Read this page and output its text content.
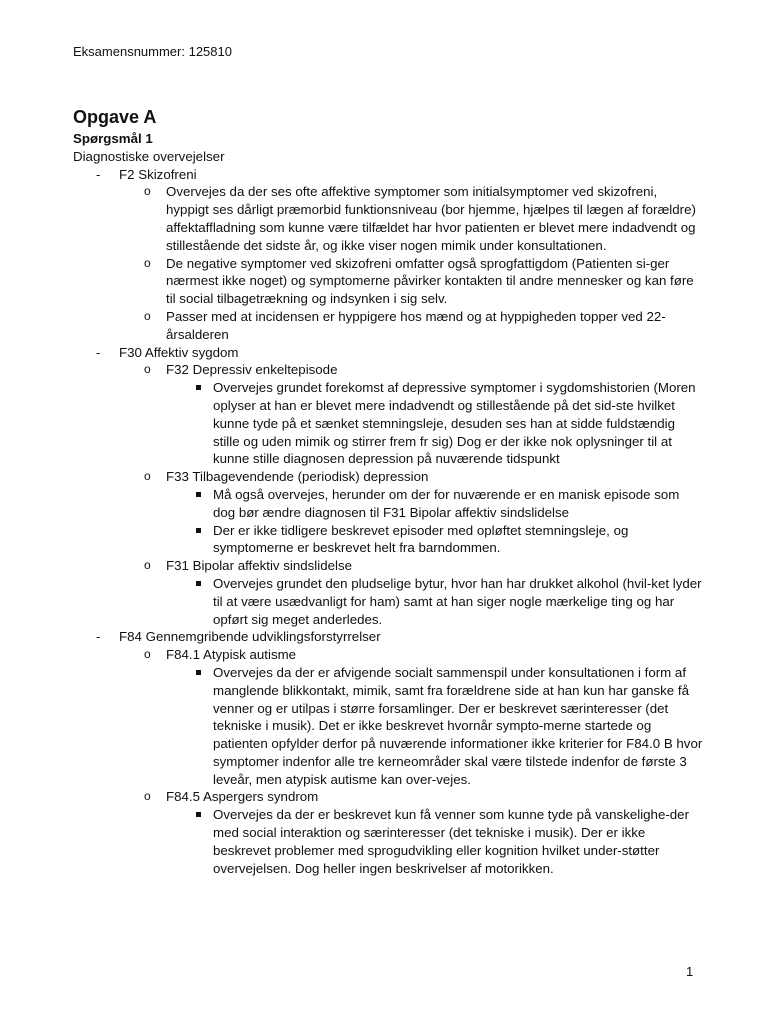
Eksamensnummer: 125810
Opgave A
Spørgsmål 1
Diagnostiske overvejelser
- F2 Skizofreni
o Overvejes da der ses ofte affektive symptomer som initialsymptomer ved skizofreni, hyppigt ses dårligt præmorbid funktionsniveau (bor hjemme, hjælpes til lægen af forældre) affektaffladning som kunne være tilfældet har hvor patienten er blevet mere indadvendt og stillestående det sidste år, og ikke viser nogen mimik under konsultationen.
o De negative symptomer ved skizofreni omfatter også sprogfattigdom (Patienten si-ger nærmest ikke noget) og symptomerne påvirker kontakten til andre mennesker og kan føre til social tilbagetrækning og indsynken i sig selv.
o Passer med at incidensen er hyppigere hos mænd og at hyppigheden topper ved 22-årsalderen
- F30 Affektiv sygdom
o F32 Depressiv enkeltepisode
Overvejes grundet forekomst af depressive symptomer i sygdomshistorien (Moren oplyser at han er blevet mere indadvendt og stillestående på det sid-ste hvilket kunne tyde på et sænket stemningsleje, desuden ses han at sidde fuldstændig stille og uden mimik og stirrer frem fr sig) Dog er der ikke nok oplysninger til at kunne stille diagnosen depression på nuværende tidspunkt
o F33 Tilbagevendende (periodisk) depression
Må også overvejes, herunder om der for nuværende er en manisk episode som dog bør ændre diagnosen til F31 Bipolar affektiv sindslidelse
Der er ikke tidligere beskrevet episoder med opløftet stemningsleje, og symptomerne er beskrevet helt fra barndommen.
o F31 Bipolar affektiv sindslidelse
Overvejes grundet den pludselige bytur, hvor han har drukket alkohol (hvil-ket lyder til at være usædvanligt for ham) samt at han siger nogle mærkelige ting og har opført sig meget anderledes.
- F84 Gennemgribende udviklingsforstyrrelser
o F84.1 Atypisk autisme
Overvejes da der er afvigende socialt sammenspil under konsultationen i form af manglende blikkontakt, mimik, samt fra forældrene side at han kun har ganske få venner og er utilpas i større forsamlinger. Der er beskrevet særinteresser (det tekniske i musik). Det er ikke beskrevet hvornår sympto-merne startede og patienten opfylder derfor på nuværende informationer ikke kriterier for F84.0 B hvor symptomer indenfor alle tre kerneområder skal være tilstede indenfor de første 3 leveår, men atypisk autisme kan over-vejes.
o F84.5 Aspergers syndrom
Overvejes da der er beskrevet kun få venner som kunne tyde på vanskelighe-der med social interaktion og særinteresser (det tekniske i musik). Der er ikke beskrevet problemer med sprogudvikling eller kognition hvilket under-støtter overvejelsen. Dog heller ingen beskrivelser af motorikken.
1
